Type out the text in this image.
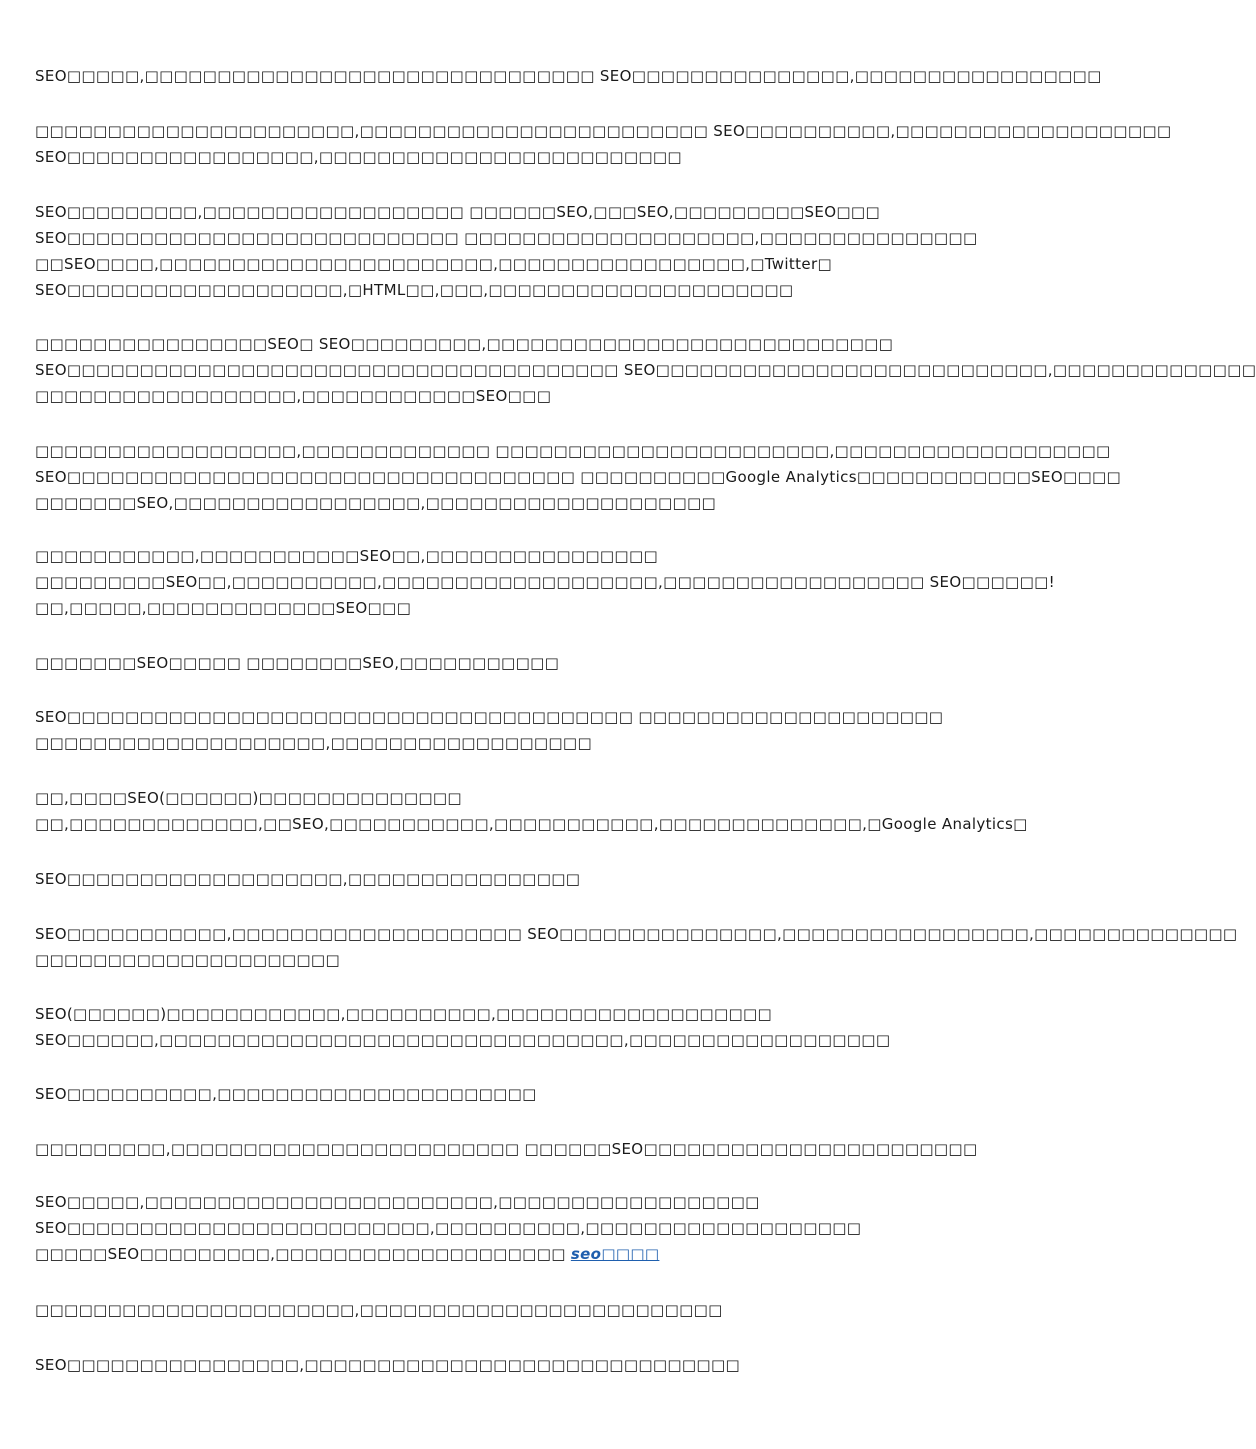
SEO□□□□□,□□□□□□□□□□□□□□□□□□□□□□□□□□□□□□□ SEO□□□□□□□□□□□□□□□,□□□□□□□□□□□□□□□□□
□□□□□□□□□□□□□□□□□□□□□□,□□□□□□□□□□□□□□□□□□□□□□□□ SEO□□□□□□□□□□,□□□□□□□□□□□□□□□□□□□
SEO□□□□□□□□□□□□□□□□□,□□□□□□□□□□□□□□□□□□□□□□□□□
SEO□□□□□□□□□,□□□□□□□□□□□□□□□□□□ □□□□□□SEO,□□□SEO,□□□□□□□□□SEO□□□
SEO□□□□□□□□□□□□□□□□□□□□□□□□□□□ □□□□□□□□□□□□□□□□□□□□,□□□□□□□□□□□□□□□
□□SEO□□□□,□□□□□□□□□□□□□□□□□□□□□□□,□□□□□□□□□□□□□□□□□,□Twitter□
SEO□□□□□□□□□□□□□□□□□□□,□HTML□□,□□□,□□□□□□□□□□□□□□□□□□□□□
□□□□□□□□□□□□□□□□SEO□ SEO□□□□□□□□□,□□□□□□□□□□□□□□□□□□□□□□□□□□□□
SEO□□□□□□□□□□□□□□□□□□□□□□□□□□□□□□□□□□□□□□ SEO□□□□□□□□□□□□□□□□□□□□□□□□□□□,□□□□□□□□□□□□□□
□□□□□□□□□□□□□□□□□□,□□□□□□□□□□□□SEO□□□
□□□□□□□□□□□□□□□□□□,□□□□□□□□□□□□□ □□□□□□□□□□□□□□□□□□□□□□□,□□□□□□□□□□□□□□□□□□□
SEO□□□□□□□□□□□□□□□□□□□□□□□□□□□□□□□□□□□ □□□□□□□□□□Google Analytics□□□□□□□□□□□□SEO□□□□
□□□□□□□SEO,□□□□□□□□□□□□□□□□□,□□□□□□□□□□□□□□□□□□□□
□□□□□□□□□□□,□□□□□□□□□□□SEO□□,□□□□□□□□□□□□□□□□
□□□□□□□□□SEO□□,□□□□□□□□□□,□□□□□□□□□□□□□□□□□□□,□□□□□□□□□□□□□□□□□□ SEO□□□□□□!
□□,□□□□□,□□□□□□□□□□□□□SEO□□□
□□□□□□□SEO□□□□□ □□□□□□□□SEO,□□□□□□□□□□□
SEO□□□□□□□□□□□□□□□□□□□□□□□□□□□□□□□□□□□□□□□ □□□□□□□□□□□□□□□□□□□□□
□□□□□□□□□□□□□□□□□□□□,□□□□□□□□□□□□□□□□□□
□□,□□□□SEO(□□□□□□)□□□□□□□□□□□□□□
□□,□□□□□□□□□□□□□,□□SEO,□□□□□□□□□□□,□□□□□□□□□□□,□□□□□□□□□□□□□□,□Google Analytics□
SEO□□□□□□□□□□□□□□□□□□□,□□□□□□□□□□□□□□□□
SEO□□□□□□□□□□□,□□□□□□□□□□□□□□□□□□□□ SEO□□□□□□□□□□□□□□□,□□□□□□□□□□□□□□□□□,□□□□□□□□□□□□□□
□□□□□□□□□□□□□□□□□□□□□
SEO(□□□□□□)□□□□□□□□□□□□,□□□□□□□□□□,□□□□□□□□□□□□□□□□□□□
SEO□□□□□□,□□□□□□□□□□□□□□□□□□□□□□□□□□□□□□□□,□□□□□□□□□□□□□□□□□□
SEO□□□□□□□□□□,□□□□□□□□□□□□□□□□□□□□□□
□□□□□□□□□,□□□□□□□□□□□□□□□□□□□□□□□□ □□□□□□SEO□□□□□□□□□□□□□□□□□□□□□□□
SEO□□□□□,□□□□□□□□□□□□□□□□□□□□□□□□,□□□□□□□□□□□□□□□□□□
SEO□□□□□□□□□□□□□□□□□□□□□□□□□,□□□□□□□□□□,□□□□□□□□□□□□□□□□□□□
□□□□□SEO□□□□□□□□□,□□□□□□□□□□□□□□□□□□□□ seo□□□□
□□□□□□□□□□□□□□□□□□□□□□,□□□□□□□□□□□□□□□□□□□□□□□□□
SEO□□□□□□□□□□□□□□□□,□□□□□□□□□□□□□□□□□□□□□□□□□□□□□□
